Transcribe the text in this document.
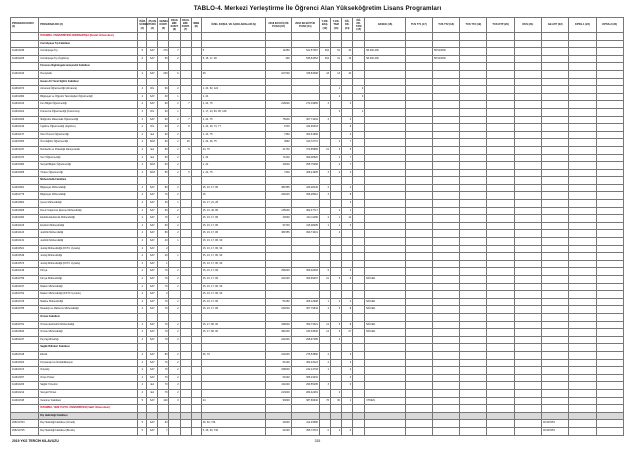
TABLO-4. Merkezi Yerleştirme İle Öğrenci Alan Yükseköğretim Lisans Programları
PROGRAM KODU (1)	PROGRAM ADI (2)	ÖĞR. SÜRESİ (3)	PUAN TÜRÜ (4)	GENEL KONT. (5)	OKUL BİR. KONT. (6)	OKUL BİR. KONT. (7)	WEB (8)	ÖZEL KOŞUL VE AÇIKLAMALAR (9)	2018 EN KÜÇÜK PUAN (10)	2018 EN BÜYÜK PUAN (11)	Y.OK. BAŞ. (12)	Y.OK. TAM (13)	ÖĞ. OK. (14)	ÖĞ. OK. TAM (15)	AKSEK (16)	TUS T71 (17)	TUS T72 (18)	TUS T73 (19)	TUS KTP (20)	DUS (21)	AB AYP (22)	KPSS-1 (23)	KPSS-2 (24)
	İSTANBUL ÜNİVERSİTESİ-CERRAHPAŞA (Devlet Üniversitesi)																						
	Cerrahpaşa Tıp Fakültesi																						
111610236	Cerrahpaşa Tıp	6	SAY	270	7			5	11650	521,57387	304	51	10		58.400.400		58.510630						
111610225	Cerrahpaşa Tıp (İngilizce)	6	SAY	50	2			5, 15, 17, 28	400	536,53353	304	31	13		58.400.400		58.510630						
	Florence Nightingale Hemşirelik Fakültesi																						
111610193	Hemşirelik	4	SAY	230	6			39	107000	335,83308	18	13	10										
	Hasan Ali Yücel Eğitim Fakültesi																						
111610074	Almanca Öğretmenliği (Almanca)	4	DİL	60	2			1, 24, 52, 124				1		4									
111610082	Bilgisayar ve Öğretim Teknolojileri Öğretmenliği	4	SAY	30	1			1, 24				2		3									
111610013	Fen Bilgisi Öğretmenliği	4	SAY	60	2	7		1, 24, 75	216000	272,19965	3		3										
111610422	Fransızca Öğretmenliği (Fransızca)	4	DİL	30	1			1, 17, 24, 84, 95, 128				2		1									
111610466	İlköğretim Matematik Öğretmenliği	4	SAY	60	2	7		1, 24, 75	75000	367,71034	3		3										
111610419	İngilizce Öğretmenliği (İngilizce)	4	DİL	60	2	8		1, 24, 26, 73, 77	6700	432,96303			8										
111610137	Okul Öncesi Öğretmenliği	4	EA	60	2			1, 24, 75	7460	404,61966			4										
111610053	Özel Eğitim Öğretmenliği	4	SÖZ	60	2	29		1, 24, 46, 75	3660	410,72772		2	7										
111610047	Rehberlik ve Psikolojik Danışmanlık	4	EA	80	2	8		24, 75	41730	372,65965	21	3	5										
111610070	Sınıf Öğretmenliği	4	EA	50	2			1, 24	71200	390,08520		2	7										
111610084	Sosyal Bilgiler Öğretmenliği	4	SÖZ	50	2			1, 24	40000	355,75268		2	7										
111610065	Türkçe Öğretmenliği	4	SÖZ	55	2	5		1, 24, 75	7300	408,21905	3	2	4										
	Mühendislik Fakültesi																						
111610661	Bilgisayar Mühendisliği	4	SAY	80	2			15, 16, 17, 86	381555	433,28440	2		4										
111610779	Bilgisayar Mühendisliği	4	SAY	70	2			16	184020	396,28010	3		8										
111610804	Çevre Mühendisliği	4	SAY	30	1			16, 17, 21, 28					3										
111610825	Deniz Ulaştırma İşletme Mühendisliği	4	SAY	60	2			15, 16, 40, 86	135000	382,47717		2	1										
111610092	Elektrik-Elektronik Mühendisliği	4	SAY	70	2			15, 16, 17, 86	44500	412,11186	2	1	12										
111610106	Endüstri Mühendisliği	4	SAY	60	2			15, 16, 17, 86	54700	415,08295	1	1	3										
111610123	Jeofizik Mühendisliği	4	SAY	80	2			15, 16, 17, 86	381555	390,71001		4											
111610131	Jeofizik Mühendisliği	4	SAY	40	1			15, 16, 17, 86, 90															
111610521	Jeoloji Mühendisliği (KKTC Uyruklu)	4	SAY	2				15, 16, 17, 86, 90															
111610549	Jeoloji Mühendisliği	4	SAY	40	1			15, 16, 17, 86, 90															
111610573	Jeoloji Mühendisliği (KKTC Uyruklu)	4	SAY	1				15, 16, 17, 86, 90															
111610149	Kimya	4	SAY	70	2			15, 16, 17, 86	256000	359,02483	5		5										
111610756	Kimya Mühendisliği	4	SAY	70	2			15, 16, 17, 86	101000	390,99497	21	5	6		MÜCEK								
111610167	Maden Mühendisliği	4	SAY	70	2			15, 16, 17, 86, 90															
111610762	Maden Mühendisliği (KKTC Uyruklu)	4	SAY	2				15, 16, 17, 86, 90															
111610729	Makine Mühendisliği	4	SAY	70	2			15, 16, 17, 86	50150	405,12908	1	2	4		MÜCEK								
111610785	Metalurji ve Malzeme Mühendisliği	4	SAY	70	2			15, 16, 17, 86	232000	367,70844	4	3	8		MÜCEK								
	Orman Fakültesi																						
111610791	Orman Endüstrisi Mühendisliği	4	SAY	70	2			15, 17, 86, 90	428000	350,73321	14	3	8		MÜCEK								
111610843	Orman Mühendisliği	4	SAY	70	2			15, 17, 86, 90	381000	333,33540	14	3	27		MÜCEK								
111610237	Peyzaj Mimarlığı	4	SAY	70	2				221000	268,97185		1											
	Sağlık Bilimleri Fakültesi																						
111610318	Ebelik	4	SAY	80	2			36, 79	104000	275,53980	2		3										
111610322	Fizyoterapi ve Rehabilitasyon	4	SAY	70	2				64100	382,23124	2		3										
111610474	Odyoloji	4	SAY	70	2				328000	242,14733	1		2										
111610457	Ortez-Protez	4	SAY	70	2				61600	386,23232			3										
111610203	Sağlık Yönetimi	4	EA	70	2				211000	290,55295	3		3										
111610212	Sosyal Hizmet	4	EA	70	2				213000	284,42281		2											
111610345	Veteriner Fakültesi	5	SAY	120	3			24	93600	387,66640	76	30	1		VTDEN								
	İSTANBUL YENİ YÜZYIL ÜNİVERSİTESİ (Vakıf Üniversitesi)																						
	Diş Hekimliği Fakültesi																						
205210704	Diş Hekimliği Fakültesi (Ücretli)	5	SAY	63				46, 60, 736	44600	412,03380											46.907053		
205210715	Diş Hekimliği Fakültesi (Burslu)	5	SAY	7				5, 46, 60, 736	21600	455,73715	0	1	0								46.907053		
2019 YKS TERCİH KILAVUZU	315
